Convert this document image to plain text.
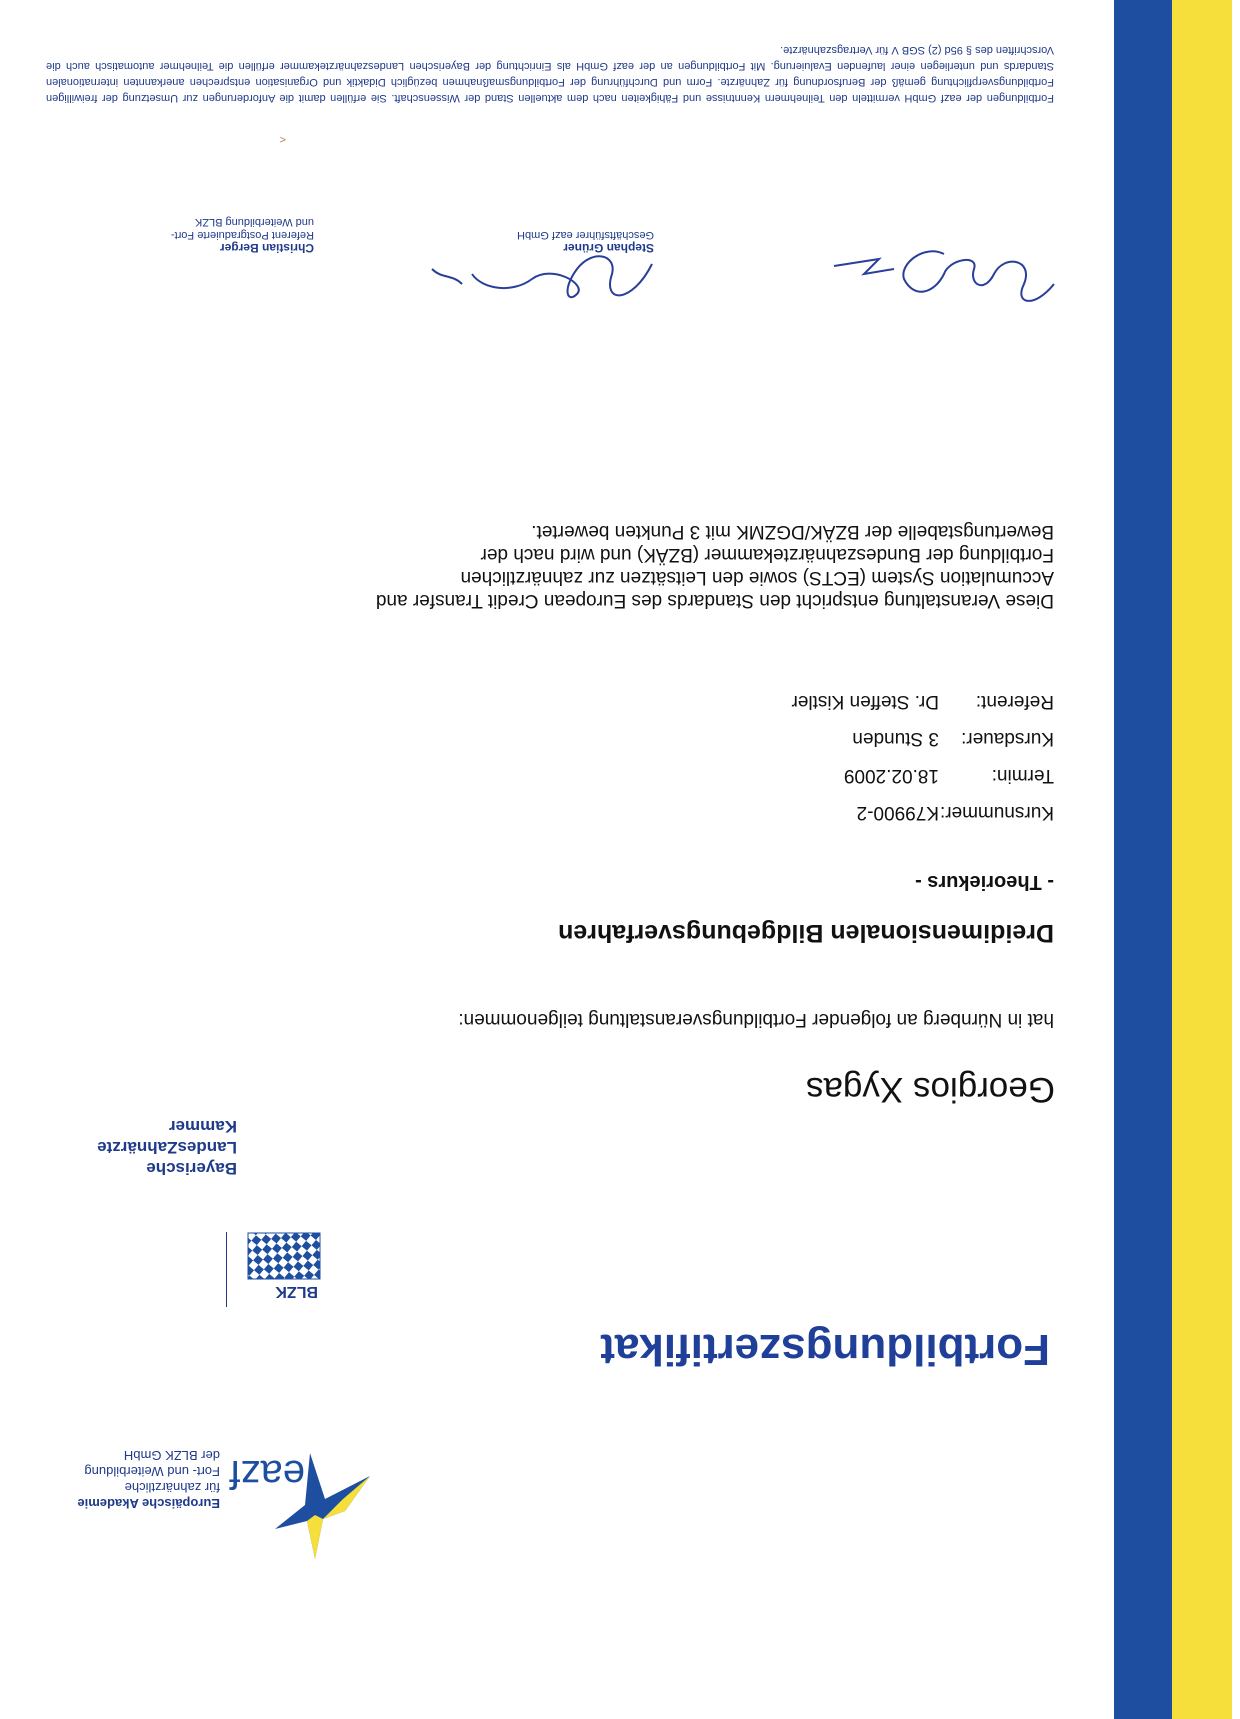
eazf
Europäische Akademie
für zahnärztliche
Fort- und Weiterbildung
der BLZK GmbH
Fortbildungszertifikat
BLZK
Bayerische
LandesZahnärzte
Kammer
Georgios Xygas
hat in Nürnberg an folgender Fortbildungsveranstaltung teilgenommen:
Dreidimensionalen Bildgebungsverfahren
- Theoriekurs -
Kursnummer:K79900-2
Termin:18.02.2009
Kursdauer:3 Stunden
Referent:Dr. Steffen Kistler
Diese Veranstaltung entspricht den Standards des European Credit Transfer and Accumulation System (ECTS) sowie den Leitsätzen zur zahnärztlichen Fortbildung der Bundeszahnärztekammer (BZÄK) und wird nach der Bewertungstabelle der BZÄK/DGZMK mit 3 Punkten bewertet.
Stephan Grüner
Geschäftsführer eazf GmbH
Christian Berger
Referent Postgraduierte Fort-
und Weiterbildung BLZK
<
Fortbildungen der eazf GmbH vermitteln den Teilnehmern Kenntnisse und Fähigkeiten nach dem aktuellen Stand der Wissenschaft. Sie erfüllen damit die Anforderungen zur Umsetzung der freiwilligen Fortbildungsverpflichtung gemäß der Berufsordnung für Zahnärzte. Form und Durchführung der Fortbildungsmaßnahmen bezüglich Didaktik und Organisation entsprechen anerkannten internationalen Standards und unterliegen einer laufenden Evaluierung. Mit Fortbildungen an der eazf GmbH als Einrichtung der Bayerischen Landeszahnärztekammer erfüllen die Teilnehmer automatisch auch die Vorschriften des § 95d (2) SGB V für Vertragszahnärzte.
